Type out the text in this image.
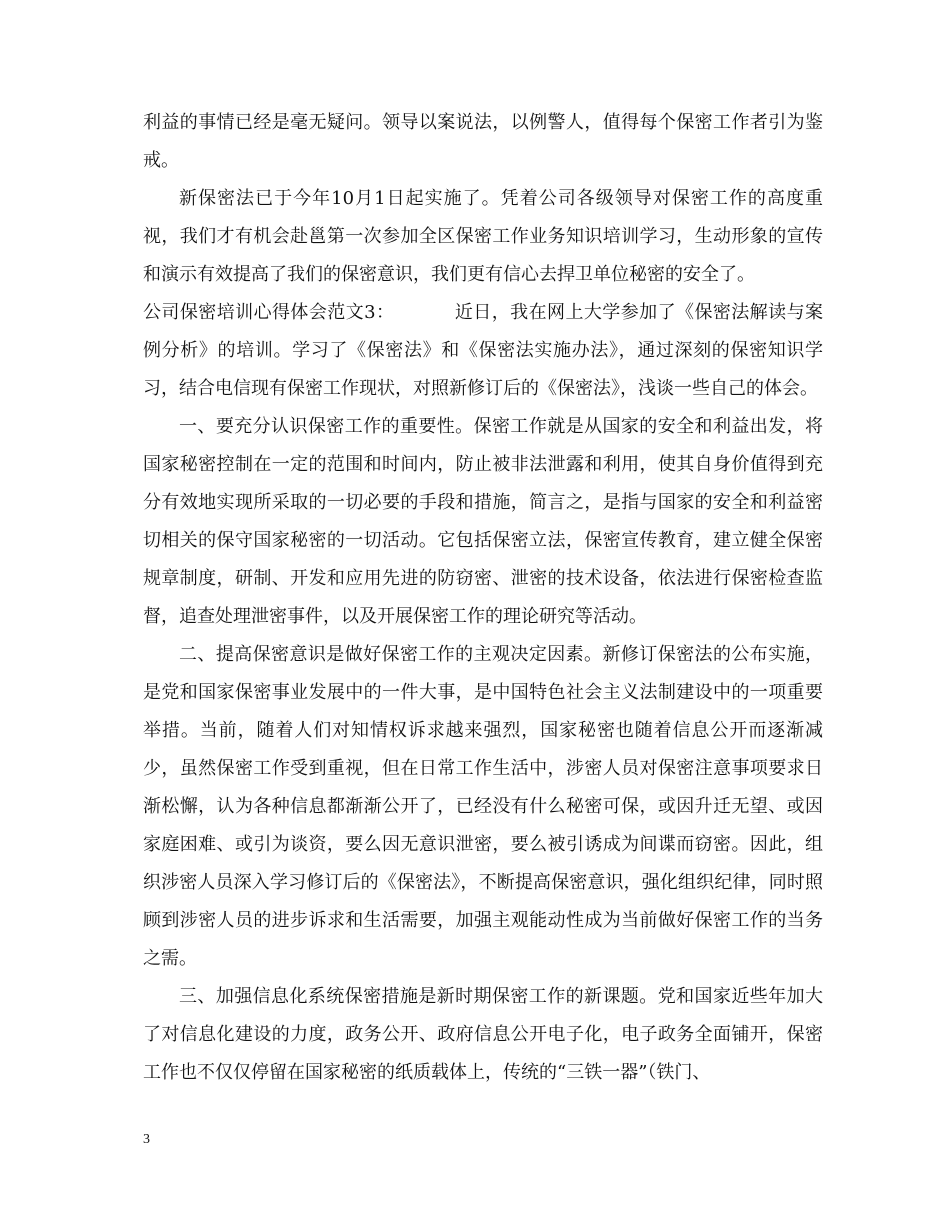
利益的事情已经是毫无疑问。领导以案说法，以例警人，值得每个保密工作者引为鉴戒。

新保密法已于今年10月1日起实施了。凭着公司各级领导对保密工作的高度重视，我们才有机会赴邕第一次参加全区保密工作业务知识培训学习，生动形象的宣传和演示有效提高了我们的保密意识，我们更有信心去捍卫单位秘密的安全了。

公司保密培训心得体会范文3：	近日，我在网上大学参加了《保密法解读与案例分析》的培训。学习了《保密法》和《保密法实施办法》，通过深刻的保密知识学习，结合电信现有保密工作现状，对照新修订后的《保密法》，浅谈一些自己的体会。

一、要充分认识保密工作的重要性。保密工作就是从国家的安全和利益出发，将国家秘密控制在一定的范围和时间内，防止被非法泄露和利用，使其自身价值得到充分有效地实现所采取的一切必要的手段和措施，简言之，是指与国家的安全和利益密切相关的保守国家秘密的一切活动。它包括保密立法，保密宣传教育，建立健全保密规章制度，研制、开发和应用先进的防窃密、泄密的技术设备，依法进行保密检查监督，追查处理泄密事件，以及开展保密工作的理论研究等活动。

二、提高保密意识是做好保密工作的主观决定因素。新修订保密法的公布实施，是党和国家保密事业发展中的一件大事，是中国特色社会主义法制建设中的一项重要举措。当前，随着人们对知情权诉求越来强烈，国家秘密也随着信息公开而逐渐减少，虽然保密工作受到重视，但在日常工作生活中，涉密人员对保密注意事项要求日渐松懈，认为各种信息都渐渐公开了，已经没有什么秘密可保，或因升迁无望、或因家庭困难、或引为谈资，要么因无意识泄密，要么被引诱成为间谍而窃密。因此，组织涉密人员深入学习修订后的《保密法》，不断提高保密意识，强化组织纪律，同时照顾到涉密人员的进步诉求和生活需要，加强主观能动性成为当前做好保密工作的当务之需。

三、加强信息化系统保密措施是新时期保密工作的新课题。党和国家近些年加大了对信息化建设的力度，政务公开、政府信息公开电子化，电子政务全面铺开，保密工作也不仅仅停留在国家秘密的纸质载体上，传统的“三铁一器”（铁门、

3
